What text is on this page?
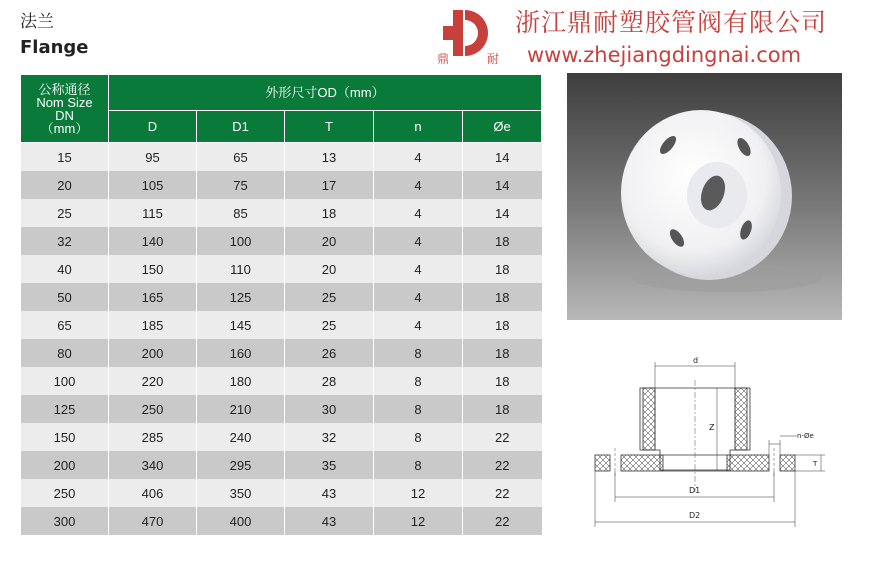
法兰
Flange
鼎	耐
浙江鼎耐塑胶管阀有限公司
www.zhejiangdingnai.com
公称通径
Nom Size
DN
（mm）	外形尺寸OD（mm）				
	D	D1	T	n	Øe
15	95	65	13	4	14
20	105	75	17	4	14
25	115	85	18	4	14
32	140	100	20	4	18
40	150	110	20	4	18
50	165	125	25	4	18
65	185	145	25	4	18
80	200	160	26	8	18
100	220	180	28	8	18
125	250	210	30	8	18
150	285	240	32	8	22
200	340	295	35	8	22
250	406	350	43	12	22
300	470	400	43	12	22
d
Z
n-Øe
T
D1
D2
